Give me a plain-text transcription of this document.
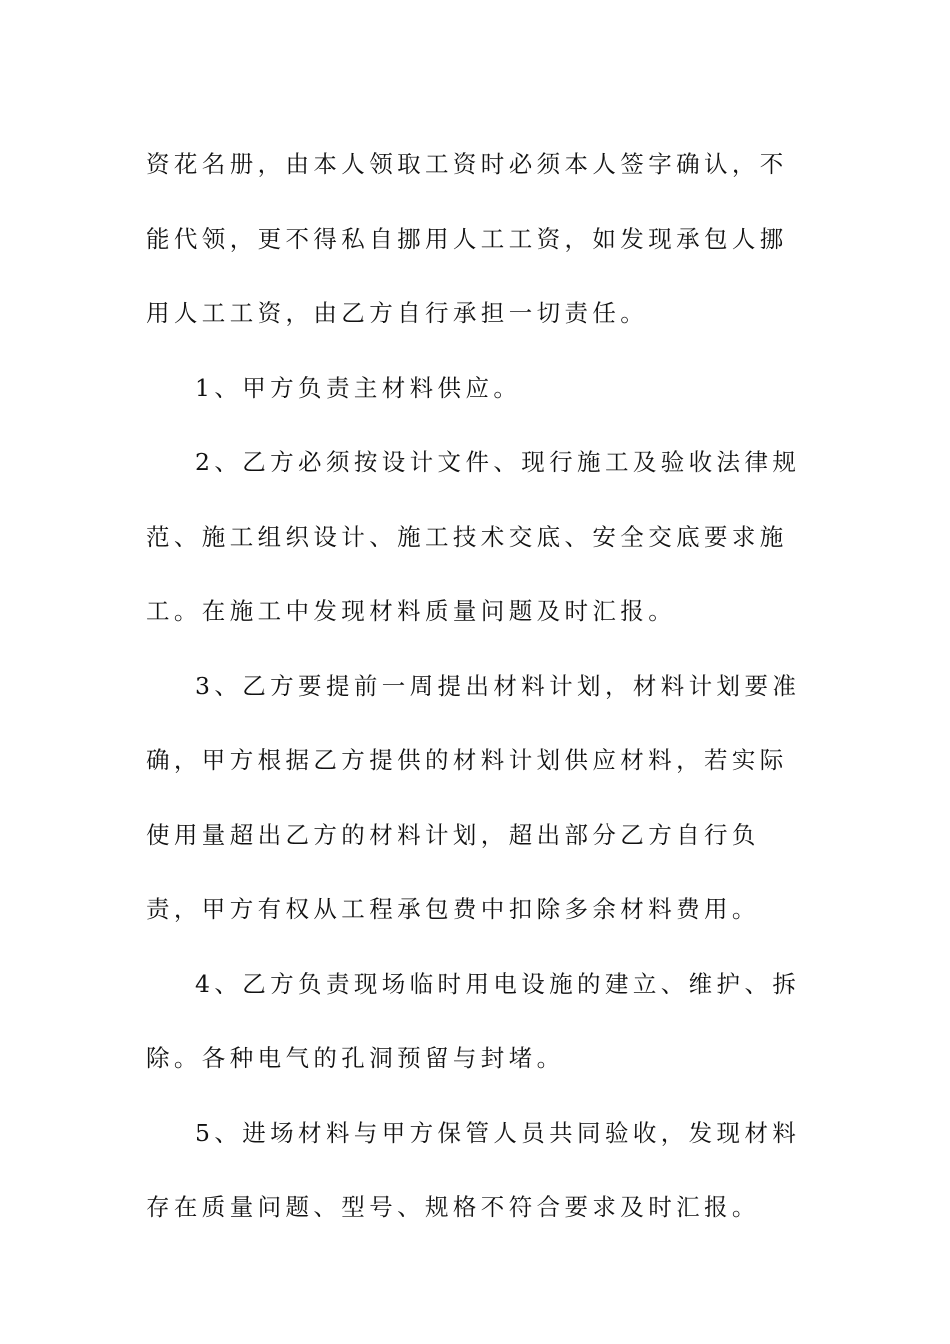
资花名册，由本人领取工资时必须本人签字确认，不能代领，更不得私自挪用人工工资，如发现承包人挪用人工工资，由乙方自行承担一切责任。

1、甲方负责主材料供应。

2、乙方必须按设计文件、现行施工及验收法律规范、施工组织设计、施工技术交底、安全交底要求施工。在施工中发现材料质量问题及时汇报。

3、乙方要提前一周提出材料计划，材料计划要准确，甲方根据乙方提供的材料计划供应材料，若实际使用量超出乙方的材料计划，超出部分乙方自行负责，甲方有权从工程承包费中扣除多余材料费用。

4、乙方负责现场临时用电设施的建立、维护、拆除。各种电气的孔洞预留与封堵。

5、进场材料与甲方保管人员共同验收，发现材料存在质量问题、型号、规格不符合要求及时汇报。
